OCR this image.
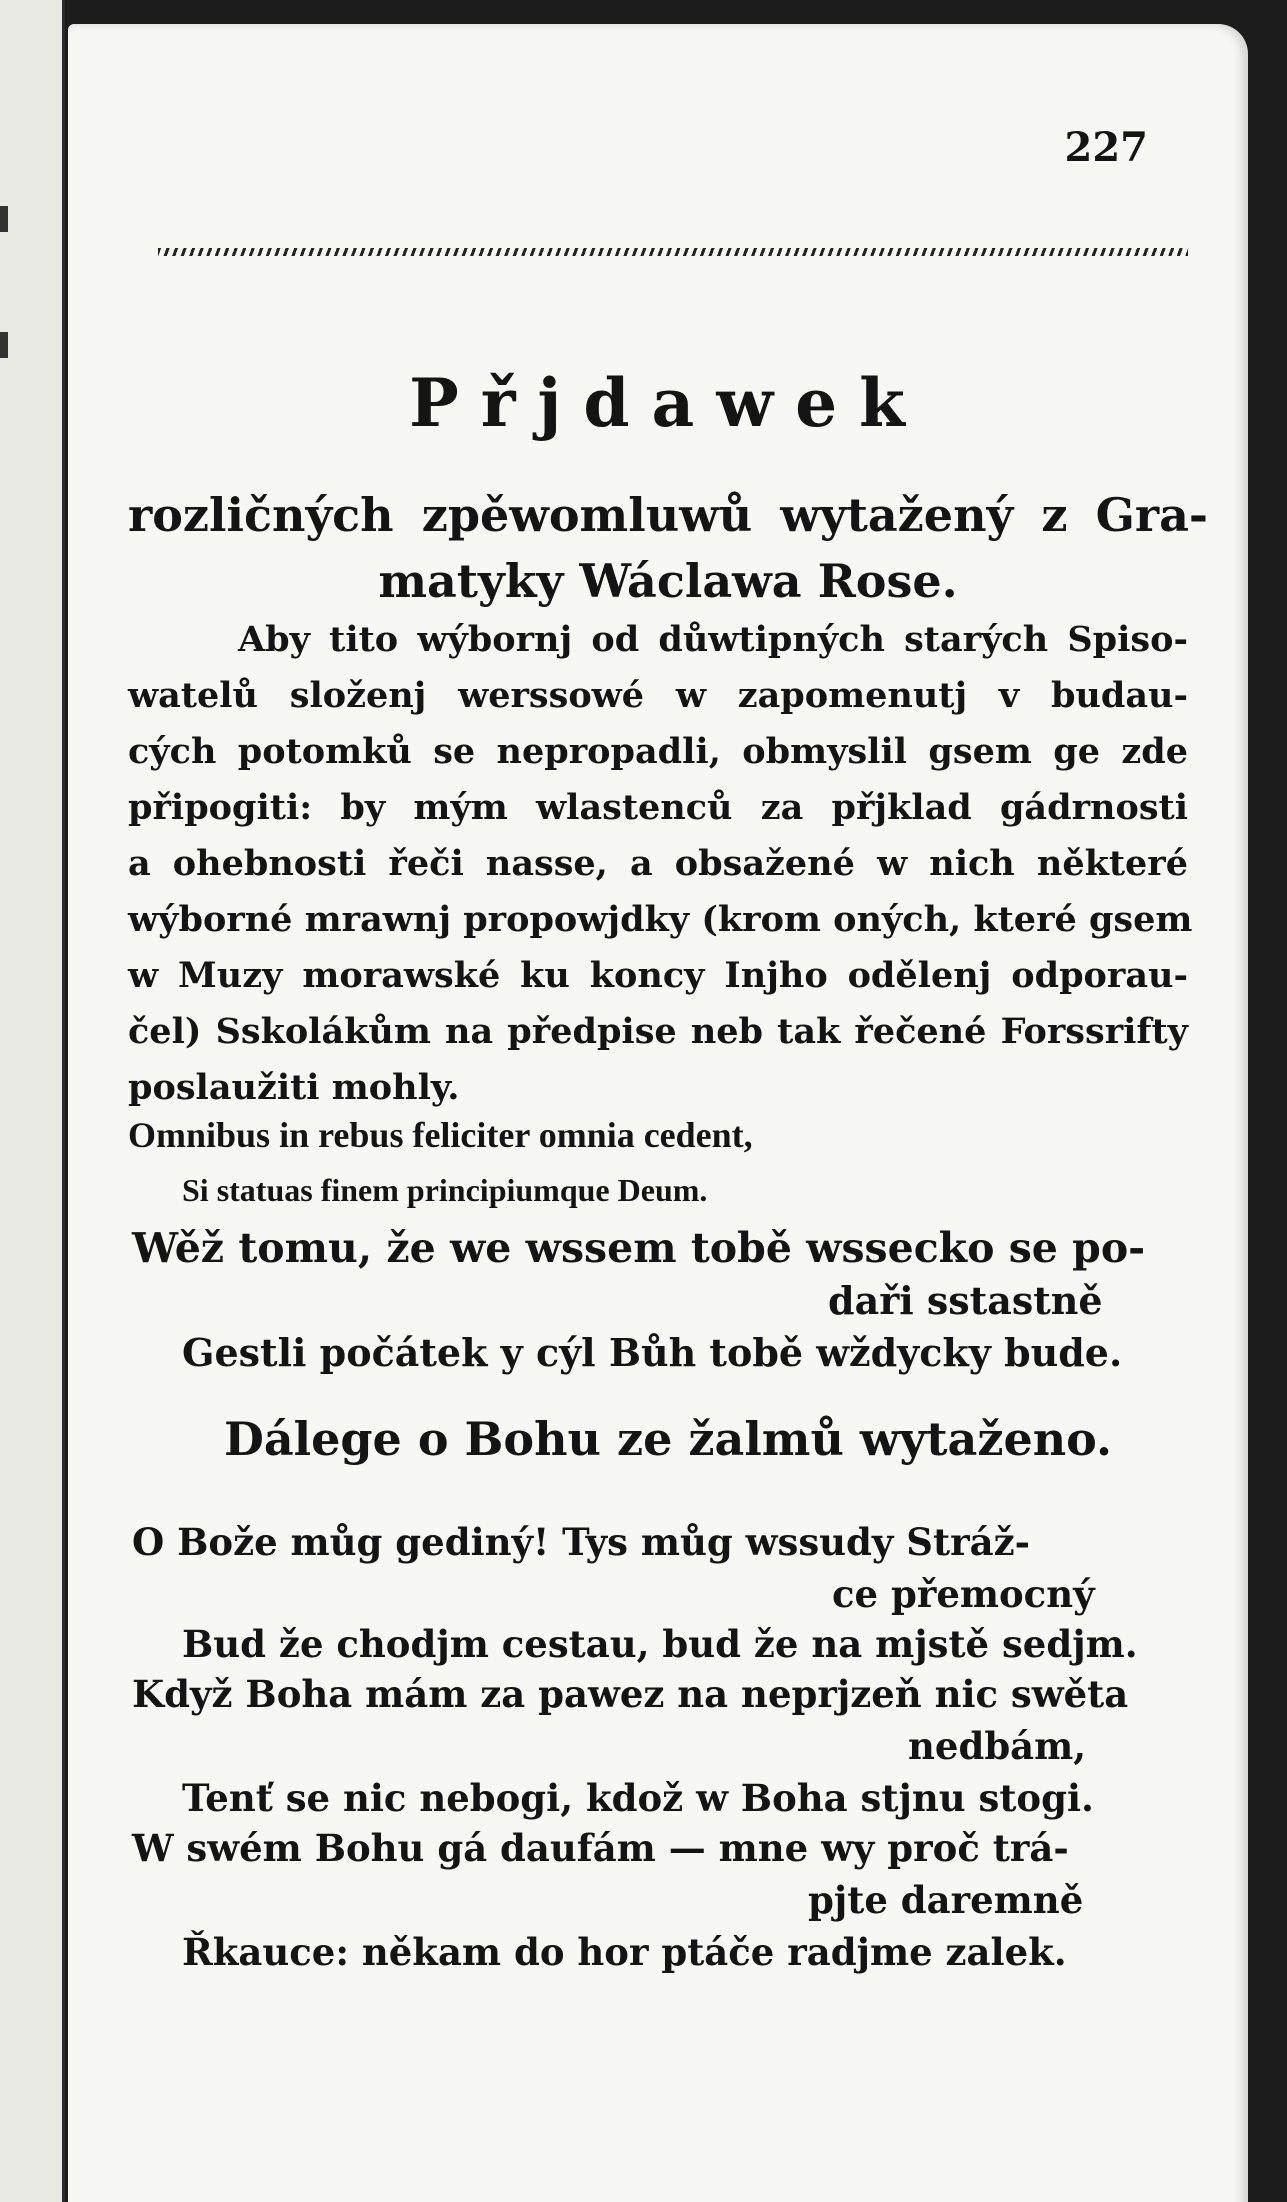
227
Přjdawek
rozličných zpěwomluwů wytažený z Gra-
matyky Wáclawa Rose.
Aby tito wýbornj od důwtipných starých Spiso-
watelů složenj werssowé w zapomenutj v budau-
cých potomků se nepropadli, obmyslil gsem ge zde
připogiti: by mým wlastenců za přjklad gádrnosti
a ohebnosti řeči nasse, a obsažené w nich některé
wýborné mrawnj propowjdky (krom oných, které gsem
w Muzy morawské ku koncy Injho odělenj odporau-
čel) Sskolákům na předpise neb tak řečené Forssrifty
poslaužiti mohly.
Omnibus in rebus feliciter omnia cedent,
Si statuas finem principiumque Deum.
Wěž tomu, že we wssem tobě wsseckо se po-
daři sstastně
Gestli počátek y cýl Bůh tobě wždycky bude.
Dálege o Bohu ze žalmů wytaženo.
O Bože můg gediný! Tys můg wssudy Stráž-
ce přemocný
Bud že chodjm cestau, bud že na mjstě sedjm.
Když Boha mám za pawez na neprjzeň nic swěta
nedbám,
Tenť se nic nebogi, kdož w Boha stjnu stogi.
W swém Bohu gá daufám — mne wy proč trá-
pjte daremně
Řkauce: někam do hor ptáče radjme zalek.
